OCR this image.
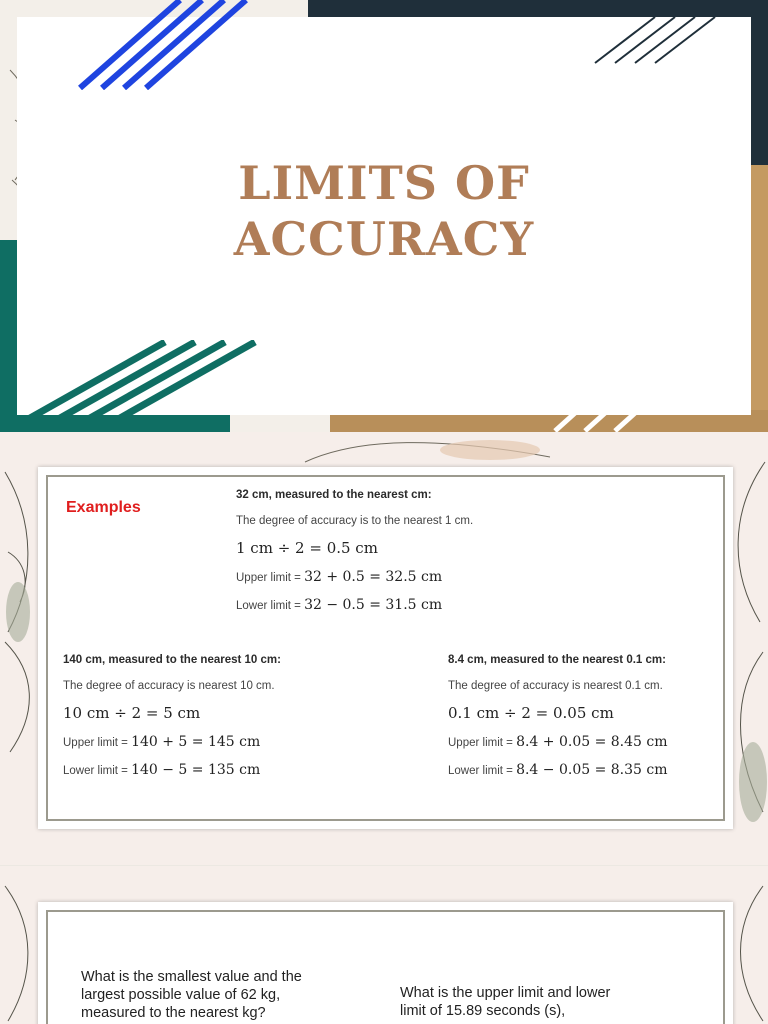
LIMITS OF
ACCURACY
Examples
32 cm, measured to the nearest cm:
The degree of accuracy is to the nearest 1 cm.
1 cm ÷ 2 = 0.5 cm
Upper limit = 32 + 0.5 = 32.5 cm
Lower limit = 32 − 0.5 = 31.5 cm
140 cm, measured to the nearest 10 cm:
The degree of accuracy is nearest 10 cm.
10 cm ÷ 2 = 5 cm
Upper limit = 140 + 5 = 145 cm
Lower limit = 140 − 5 = 135 cm
8.4 cm, measured to the nearest 0.1 cm:
The degree of accuracy is nearest 0.1 cm.
0.1 cm ÷ 2 = 0.05 cm
Upper limit = 8.4 + 0.05 = 8.45 cm
Lower limit = 8.4 − 0.05 = 8.35 cm
What is the smallest value and the
largest possible value of 62 kg,
measured to the nearest kg?
What is the upper limit and lower
limit of 15.89 seconds (s),
